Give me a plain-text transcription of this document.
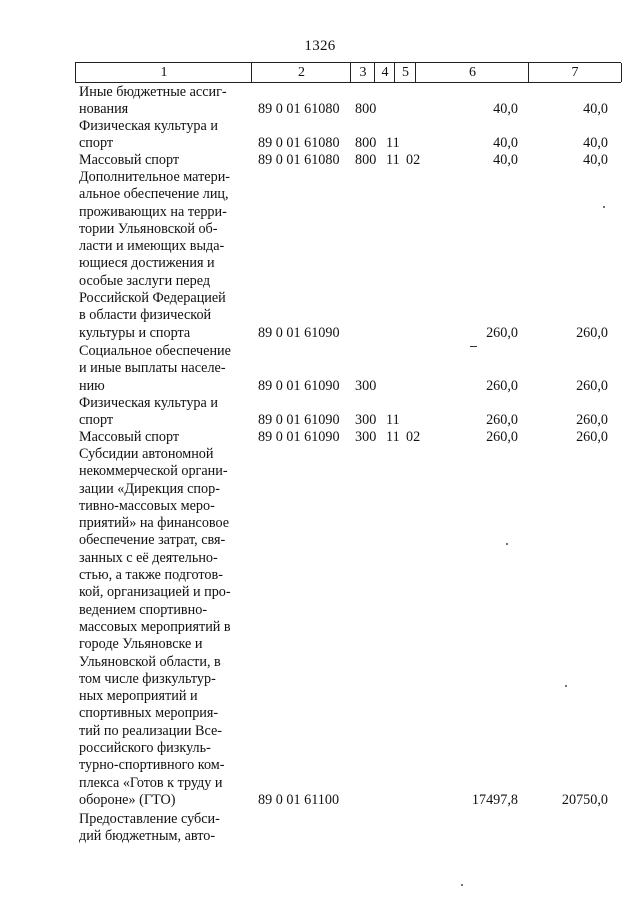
1326
1	2	3	4 5	6	7
Иные бюджетные ассиг-
нования	89 0 01 61080 800	40,0	40,0
Физическая культура и
спорт	89 0 01 61080 800 11	40,0	40,0
Массовый спорт	89 0 01 61080 800 11 02	40,0	40,0
Дополнительное матери-
альное обеспечение лиц,
проживающих на терри-
тории Ульяновской об-
ласти и имеющих выда-
ющиеся достижения и
особые заслуги перед
Российской Федерацией
в области физической
культуры и спорта	89 0 01 61090	260,0	260,0
Социальное обеспечение
и иные выплаты населе-
нию	89 0 01 61090 300	260,0	260,0
Физическая культура и
спорт	89 0 01 61090 300 11	260,0	260,0
Массовый спорт	89 0 01 61090 300 11 02	260,0	260,0
Субсидии автономной
некоммерческой органи-
зации «Дирекция спор-
тивно-массовых меро-
приятий» на финансовое
обеспечение затрат, свя-
занных с её деятельно-
стью, а также подготов-
кой, организацией и про-
ведением спортивно-
массовых мероприятий в
городе Ульяновске и
Ульяновской области, в
том числе физкультур-
ных мероприятий и
спортивных мероприя-
тий по реализации Все-
российского физкуль-
турно-спортивного ком-
плекса «Готов к труду и
обороне» (ГТО)	89 0 01 61100	17497,8	20750,0
Предоставление субси-
дий бюджетным, авто-
